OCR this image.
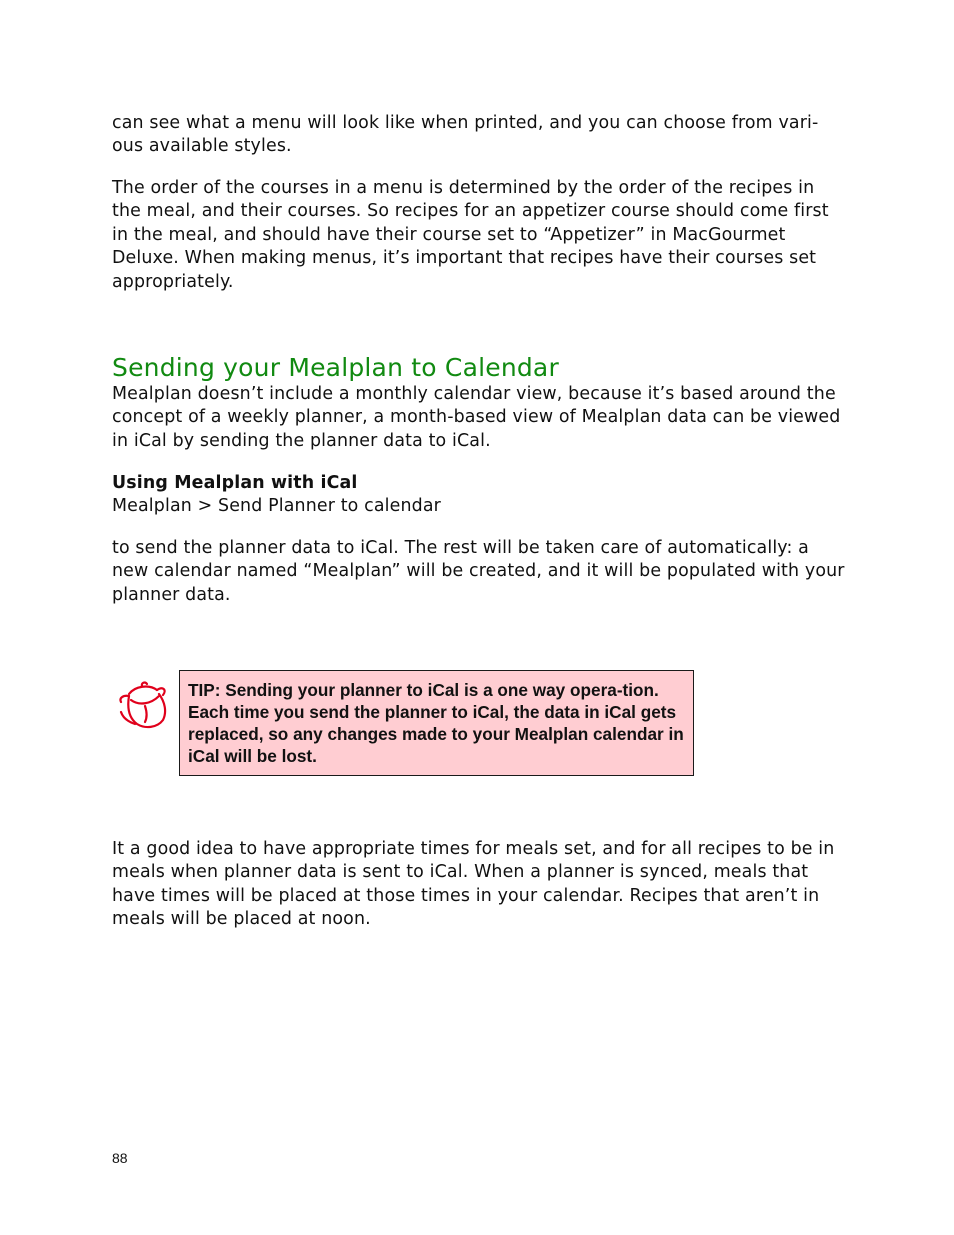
can see what a menu will look like when printed, and you can choose from vari-ous available styles.

The order of the courses in a menu is determined by the order of the recipes in the meal, and their courses. So recipes for an appetizer course should come first in the meal, and should have their course set to “Appetizer” in MacGourmet Deluxe. When making menus, it’s important that recipes have their courses set appropriately.

Sending your Mealplan to Calendar

Mealplan doesn’t include a monthly calendar view, because it’s based around the concept of a weekly planner, a month-based view of Mealplan data can be viewed in iCal by sending the planner data to iCal.

Using Mealplan with iCal

Mealplan > Send Planner to calendar

to send the planner data to iCal. The rest will be taken care of automatically: a new calendar named “Mealplan” will be created, and it will be populated with your planner data.

TIP: Sending your planner to iCal is a one way opera-tion. Each time you send the planner to iCal, the data in iCal gets replaced, so any changes made to your Mealplan calendar in iCal will be lost.

It a good idea to have appropriate times for meals set, and for all recipes to be in meals when planner data is sent to iCal. When a planner is synced, meals that have times will be placed at those times in your calendar. Recipes that aren’t in meals will be placed at noon.

88
